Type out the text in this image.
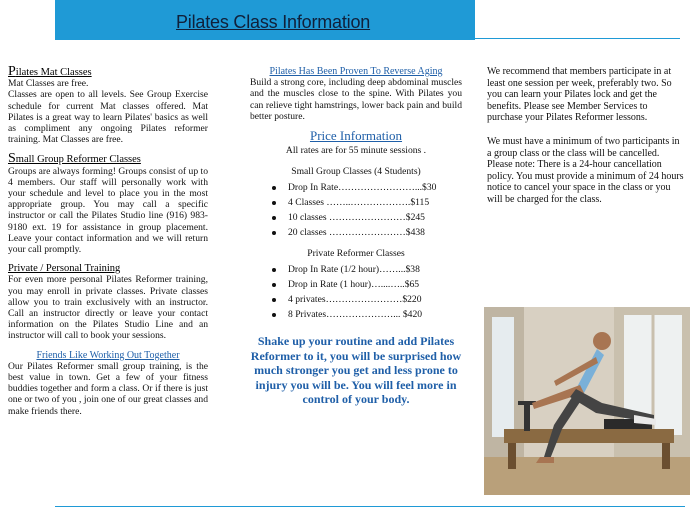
Pilates Class Information
Pilates Mat Classes

Mat Classes are free.

Classes are open to all levels. See Group Exercise schedule for current Mat classes offered. Mat Pilates is a great way to learn Pilates' basics as well as compliment any ongoing Pilates reformer training. Mat Classes are free.

Small Group Reformer Classes

Groups are always forming! Groups consist of up to 4 members. Our staff will personally work with your schedule and level to place you in the most appropriate group. You may call a specific instructor or call the Pilates Studio line (916) 983-9180 ext. 19 for assistance in group placement. Leave your contact information and we will return your call promptly.

Private / Personal Training

For even more personal Pilates Reformer training, you may enroll in private classes. Private classes allow you to train exclusively with an instructor. Call an instructor directly or leave your contact information on the Pilates Studio Line and an instructor will call to book your sessions.

Friends Like Working Out Together

Our Pilates Reformer small group training, is the best value in town. Get a few of your fitness buddies together and form a class. Or if there is just one or two of you , join one of our great classes and make friends there.

Pilates Has Been Proven To Reverse Aging

Build a strong core, including deep abdominal muscles and the muscles close to the spine. With Pilates you can relieve tight hamstrings, lower back pain and build better posture.

Price Information

All rates are for 55 minute sessions .

Small Group Classes (4 Students)
Drop In Rate……………………...$30
4 Classes ……..……………….$115
10 classes ……………………$245
20 classes ……………………$438
Private Reformer Classes
Drop In Rate (1/2 hour)……...$38
Drop in Rate (1 hour)…....…..$65
4 privates……………………$220
8 Privates…………………... $420
Shake up your routine and add Pilates Reformer to it, you will be surprised how much stronger you get and less prone to injury you will be. You will feel more in control of your body.

We recommend that members participate in at least one session per week, preferably two. So you can learn your Pilates lock and get the benefits. Please see Member Services to purchase your Pilates Reformer lessons.

We must have a minimum of two participants in a group class or the class will be cancelled. Please note: There is a 24-hour cancellation policy. You must provide a minimum of 24 hours notice to cancel your space in the class or you will be charged for the class.
